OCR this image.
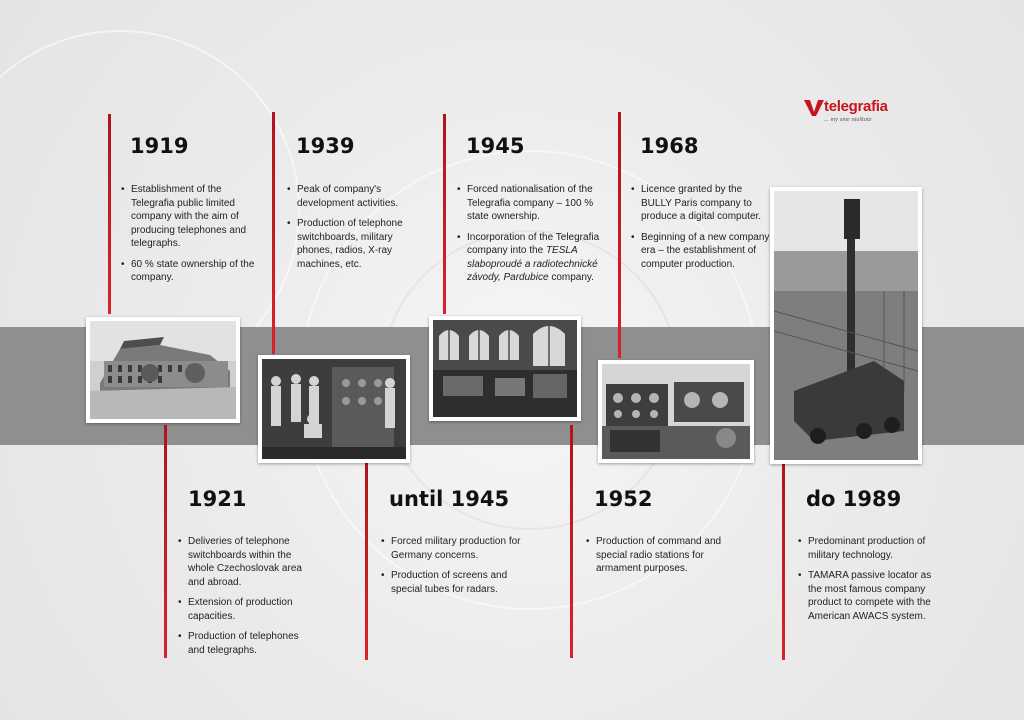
telegrafia
... my sme nieštote
1919	1939	1945	1968
• Establishment of the Telegrafia public limited company with the aim of producing telephones and telegraphs.
• 60 % state ownership of the company.
• Peak of company's development activities.
• Production of telephone switchboards, military phones, radios, X-ray machines, etc.
• Forced nationalisation of the Telegrafia company – 100 % state ownership.
• Incorporation of the Telegrafia company into the TESLA slaboproudé a radiotechnické závody, Pardubice company.
• Licence granted by the BULLY Paris company to produce a digital computer.
• Beginning of a new company era – the establishment of computer production.
1921	until 1945	1952	do 1989
• Deliveries of telephone switchboards within the whole Czechoslovak area and abroad.
• Extension of production capacities.
• Production of telephones and telegraphs.
• Forced military production for Germany concerns.
• Production of screens and special tubes for radars.
• Production of command and special radio stations for armament purposes.
• Predominant production of military technology.
• TAMARA passive locator as the most famous company product to compete with the American AWACS system.
